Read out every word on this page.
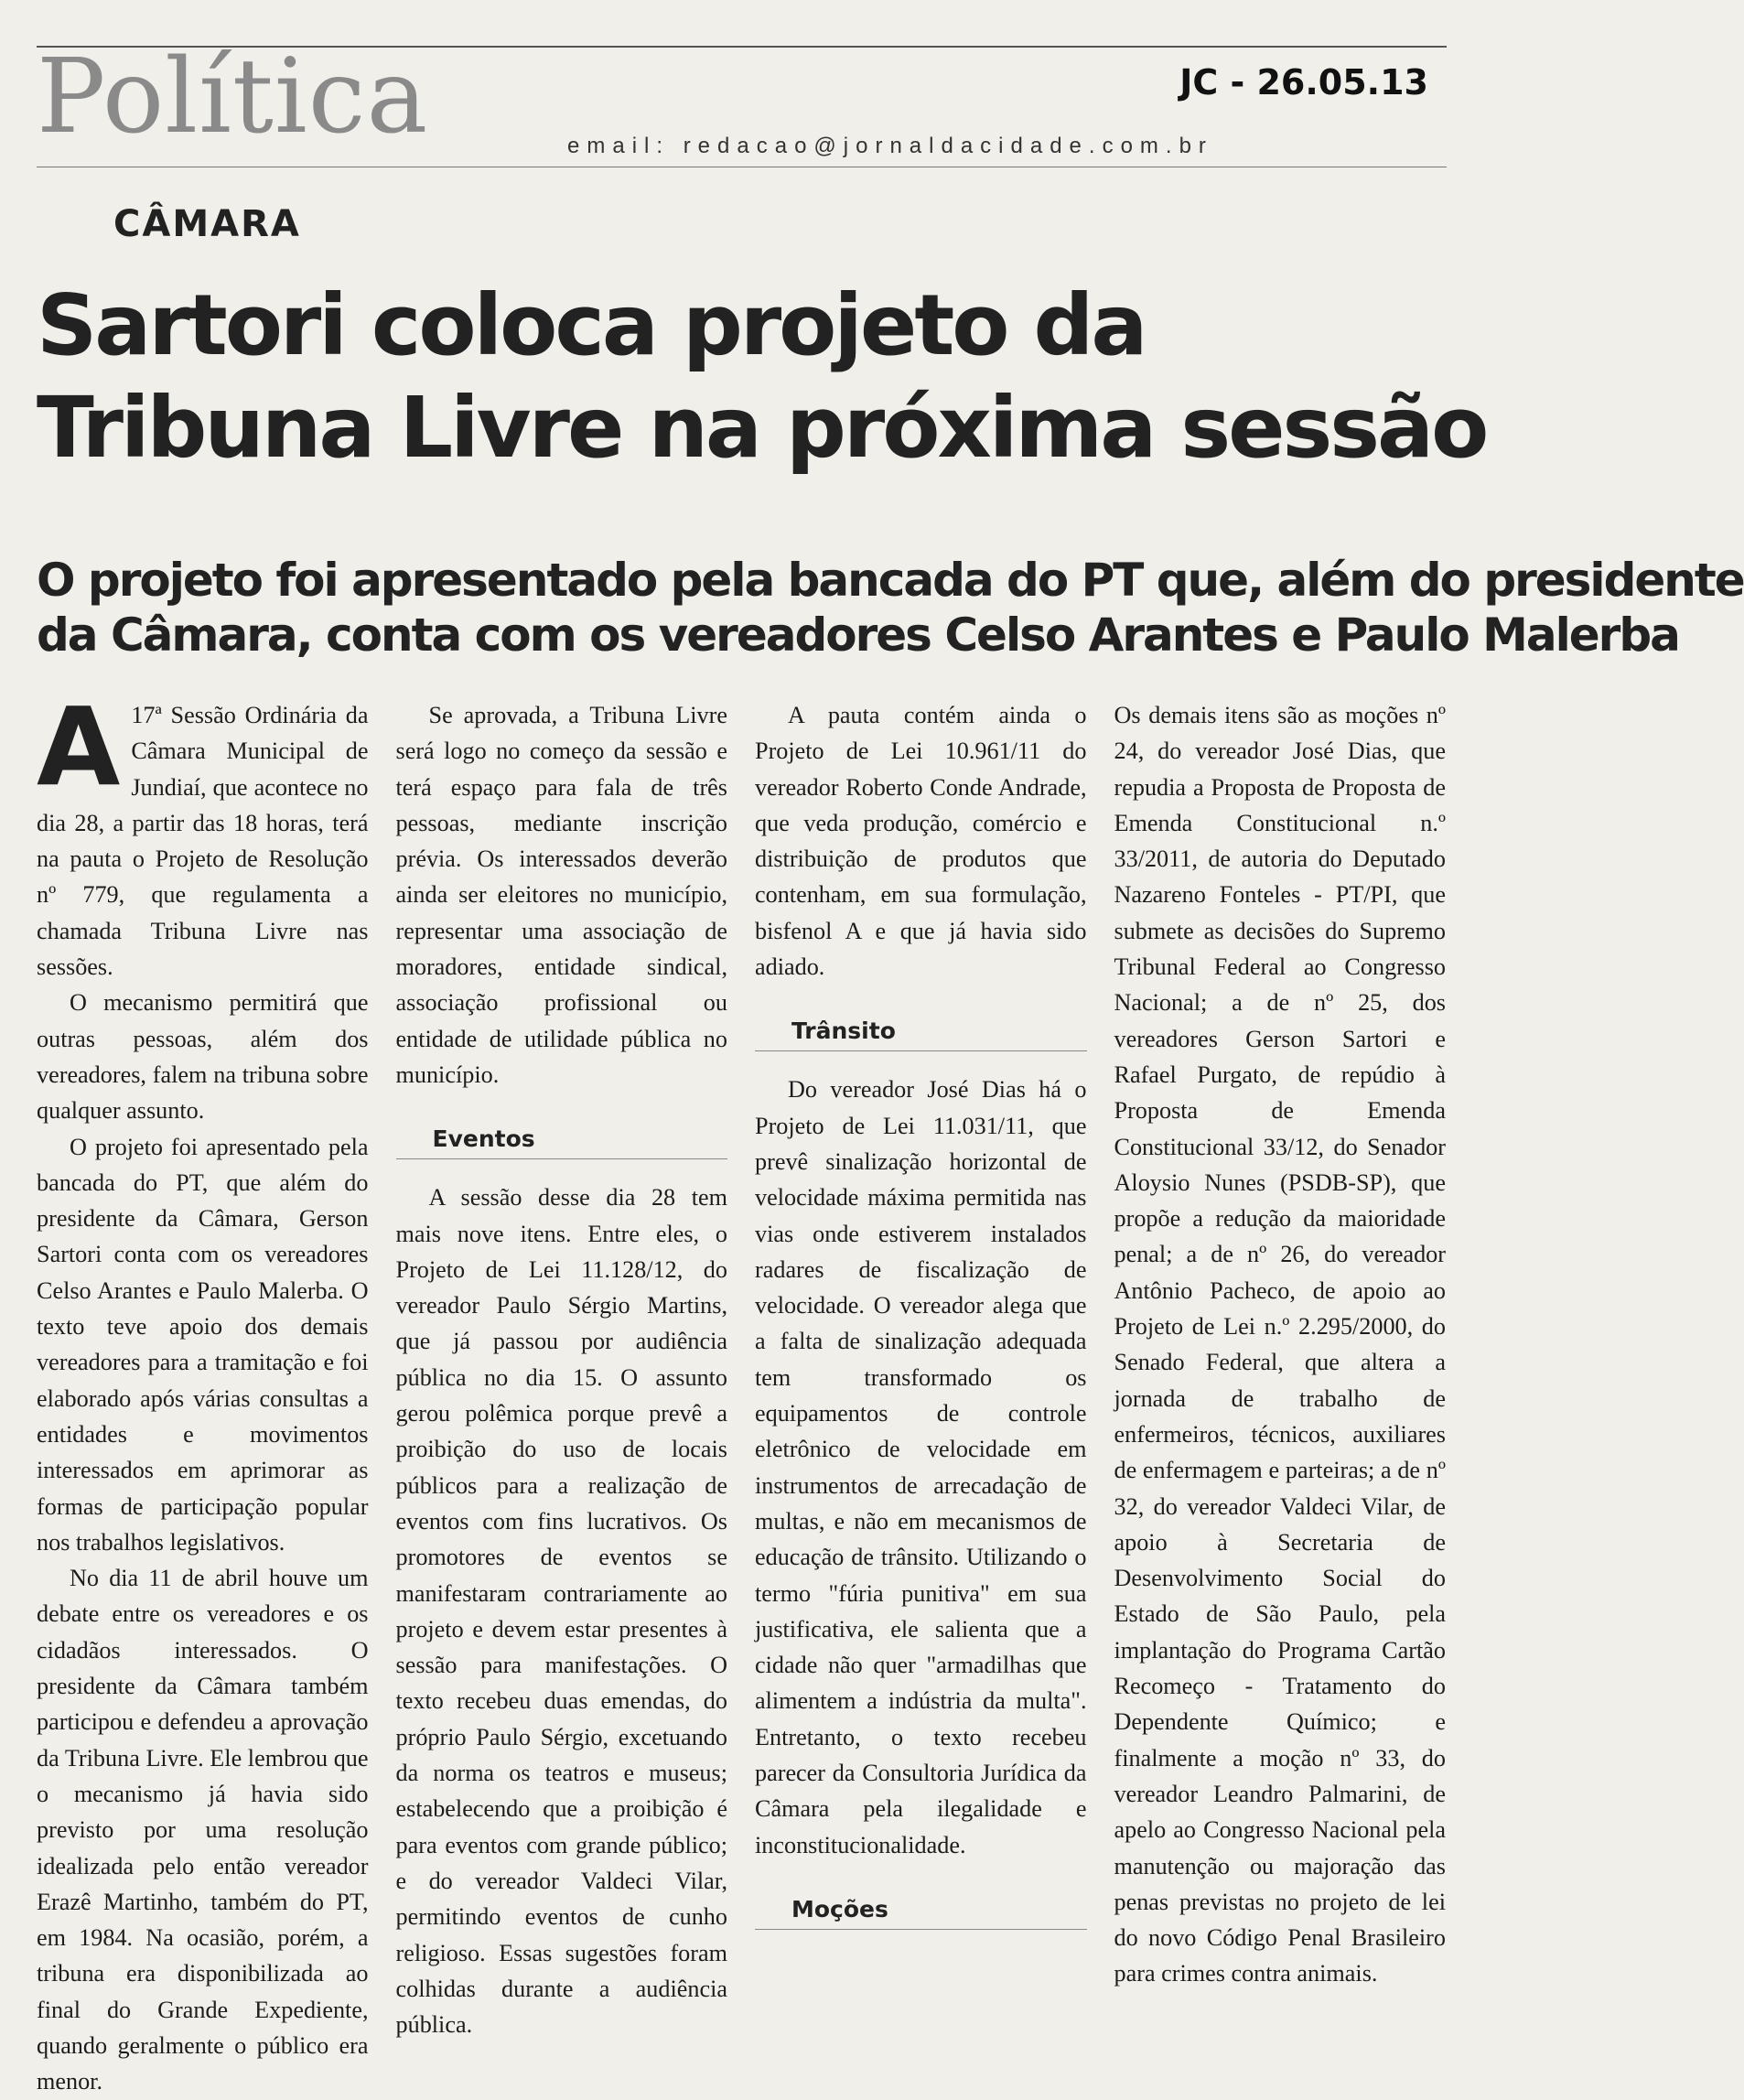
Política	JC - 26.05.13
email: redacao@jornaldacidade.com.br
CÂMARA
Sartori coloca projeto da
Tribuna Livre na próxima sessão
O projeto foi apresentado pela bancada do PT que, além do presidente
da Câmara, conta com os vereadores Celso Arantes e Paulo Malerba

A 17ª Sessão Ordinária da Câmara Municipal de Jundiaí, que acontece no dia 28, a partir das 18 horas, terá na pauta o Projeto de Resolução nº 779, que regulamenta a chamada Tribuna Livre nas sessões.

O mecanismo permitirá que outras pessoas, além dos vereadores, falem na tribuna sobre qualquer assunto.

O projeto foi apresentado pela bancada do PT, que além do presidente da Câmara, Gerson Sartori conta com os vereadores Celso Arantes e Paulo Malerba. O texto teve apoio dos demais vereadores para a tramitação e foi elaborado após várias consultas a entidades e movimentos interessados em aprimorar as formas de participação popular nos trabalhos legislativos.

No dia 11 de abril houve um debate entre os vereadores e os cidadãos interessados. O presidente da Câmara também participou e defendeu a aprovação da Tribuna Livre. Ele lembrou que o mecanismo já havia sido previsto por uma resolução idealizada pelo então vereador Erazê Martinho, também do PT, em 1984. Na ocasião, porém, a tribuna era disponibilizada ao final do Grande Expediente, quando geralmente o público era menor.

Se aprovada, a Tribuna Livre será logo no começo da sessão e terá espaço para fala de três pessoas, mediante inscrição prévia. Os interessados deverão ainda ser eleitores no município, representar uma associação de moradores, entidade sindical, associação profissional ou entidade de utilidade pública no município.

Eventos

A sessão desse dia 28 tem mais nove itens. Entre eles, o Projeto de Lei 11.128/12, do vereador Paulo Sérgio Martins, que já passou por audiência pública no dia 15. O assunto gerou polêmica porque prevê a proibição do uso de locais públicos para a realização de eventos com fins lucrativos. Os promotores de eventos se manifestaram contrariamente ao projeto e devem estar presentes à sessão para manifestações. O texto recebeu duas emendas, do próprio Paulo Sérgio, excetuando da norma os teatros e museus; estabelecendo que a proibição é para eventos com grande público; e do vereador Valdeci Vilar, permitindo eventos de cunho religioso. Essas sugestões foram colhidas durante a audiência pública.

A pauta contém ainda o Projeto de Lei 10.961/11 do vereador Roberto Conde Andrade, que veda produção, comércio e distribuição de produtos que contenham, em sua formulação, bisfenol A e que já havia sido adiado.

Trânsito

Do vereador José Dias há o Projeto de Lei 11.031/11, que prevê sinalização horizontal de velocidade máxima permitida nas vias onde estiverem instalados radares de fiscalização de velocidade. O vereador alega que a falta de sinalização adequada tem transformado os equipamentos de controle eletrônico de velocidade em instrumentos de arrecadação de multas, e não em mecanismos de educação de trânsito. Utilizando o termo "fúria punitiva" em sua justificativa, ele salienta que a cidade não quer "armadilhas que alimentem a indústria da multa". Entretanto, o texto recebeu parecer da Consultoria Jurídica da Câmara pela ilegalidade e inconstitucionalidade.

Moções

Os demais itens são as moções nº 24, do vereador José Dias, que repudia a Proposta de Proposta de Emenda Constitucional n.º 33/2011, de autoria do Deputado Nazareno Fonteles - PT/PI, que submete as decisões do Supremo Tribunal Federal ao Congresso Nacional; a de nº 25, dos vereadores Gerson Sartori e Rafael Purgato, de repúdio à Proposta de Emenda Constitucional 33/12, do Senador Aloysio Nunes (PSDB-SP), que propõe a redução da maioridade penal; a de nº 26, do vereador Antônio Pacheco, de apoio ao Projeto de Lei n.º 2.295/2000, do Senado Federal, que altera a jornada de trabalho de enfermeiros, técnicos, auxiliares de enfermagem e parteiras; a de nº 32, do vereador Valdeci Vilar, de apoio à Secretaria de Desenvolvimento Social do Estado de São Paulo, pela implantação do Programa Cartão Recomeço - Tratamento do Dependente Químico; e finalmente a moção nº 33, do vereador Leandro Palmarini, de apelo ao Congresso Nacional pela manutenção ou majoração das penas previstas no projeto de lei do novo Código Penal Brasileiro para crimes contra animais.
